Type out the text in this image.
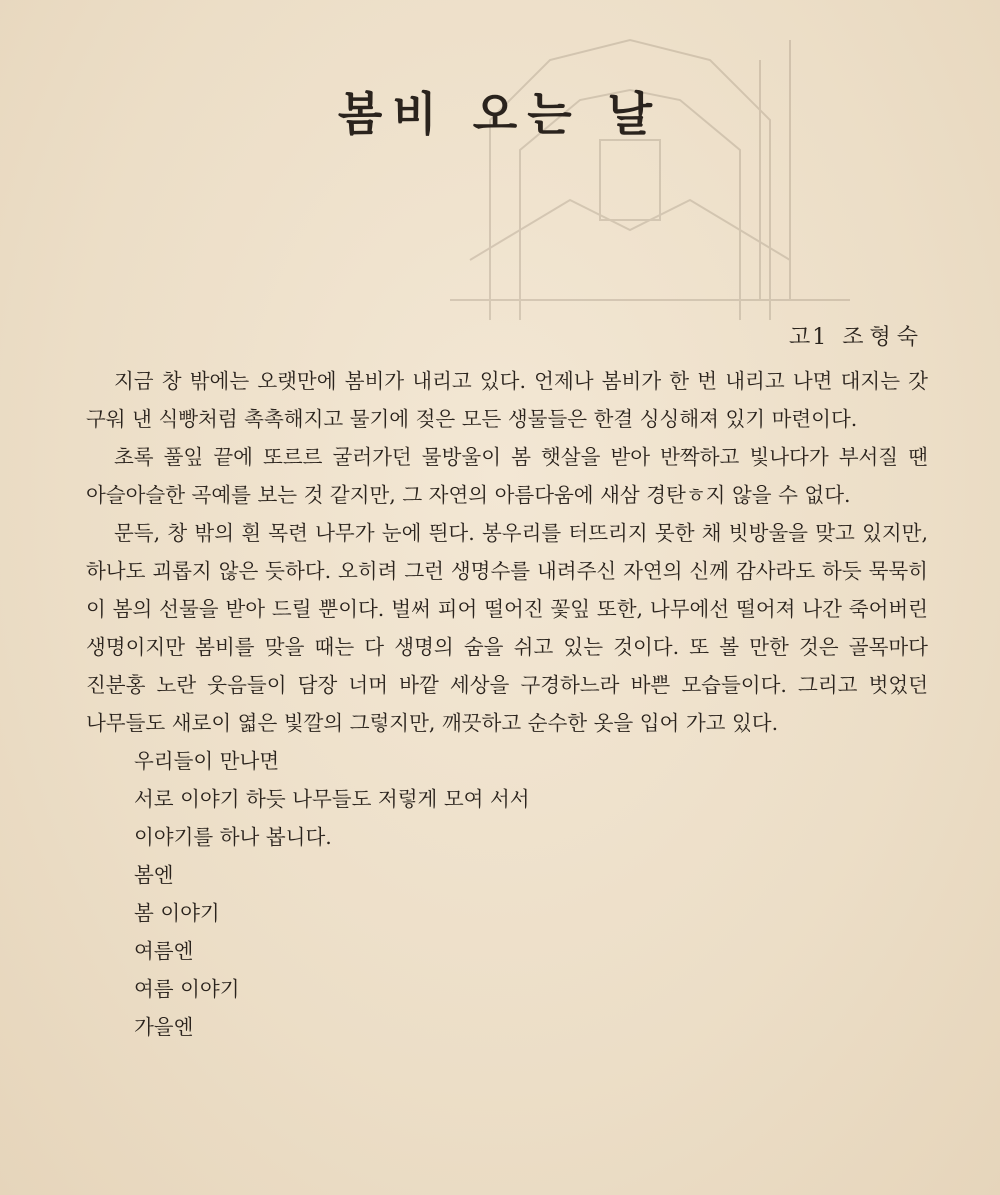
봄비 오는 날
고1 조형숙

지금 창 밖에는 오랫만에 봄비가 내리고 있다. 언제나 봄비가 한 번 내리고 나면 대지는 갓 구워 낸 식빵처럼 촉촉해지고 물기에 젖은 모든 생물들은 한결 싱싱해져 있기 마련이다.

초록 풀잎 끝에 또르르 굴러가던 물방울이 봄 햇살을 받아 반짝하고 빛나다가 부서질 땐 아슬아슬한 곡예를 보는 것 같지만, 그 자연의 아름다움에 새삼 경탄ㅎ지 않을 수 없다.

문득, 창 밖의 흰 목련 나무가 눈에 띈다. 봉우리를 터뜨리지 못한 채 빗방울을 맞고 있지만, 하나도 괴롭지 않은 듯하다. 오히려 그런 생명수를 내려주신 자연의 신께 감사라도 하듯 묵묵히 이 봄의 선물을 받아 드릴 뿐이다. 벌써 피어 떨어진 꽃잎 또한, 나무에선 떨어져 나간 죽어버린 생명이지만 봄비를 맞을 때는 다 생명의 숨을 쉬고 있는 것이다. 또 볼 만한 것은 골목마다 진분홍 노란 웃음들이 담장 너머 바깥 세상을 구경하느라 바쁜 모습들이다. 그리고 벗었던 나무들도 새로이 엷은 빛깔의 그렇지만, 깨끗하고 순수한 옷을 입어 가고 있다.

우리들이 만나면
서로 이야기 하듯 나무들도 저렇게 모여 서서
이야기를 하나 봅니다.
봄엔
봄 이야기
여름엔
여름 이야기
가을엔
